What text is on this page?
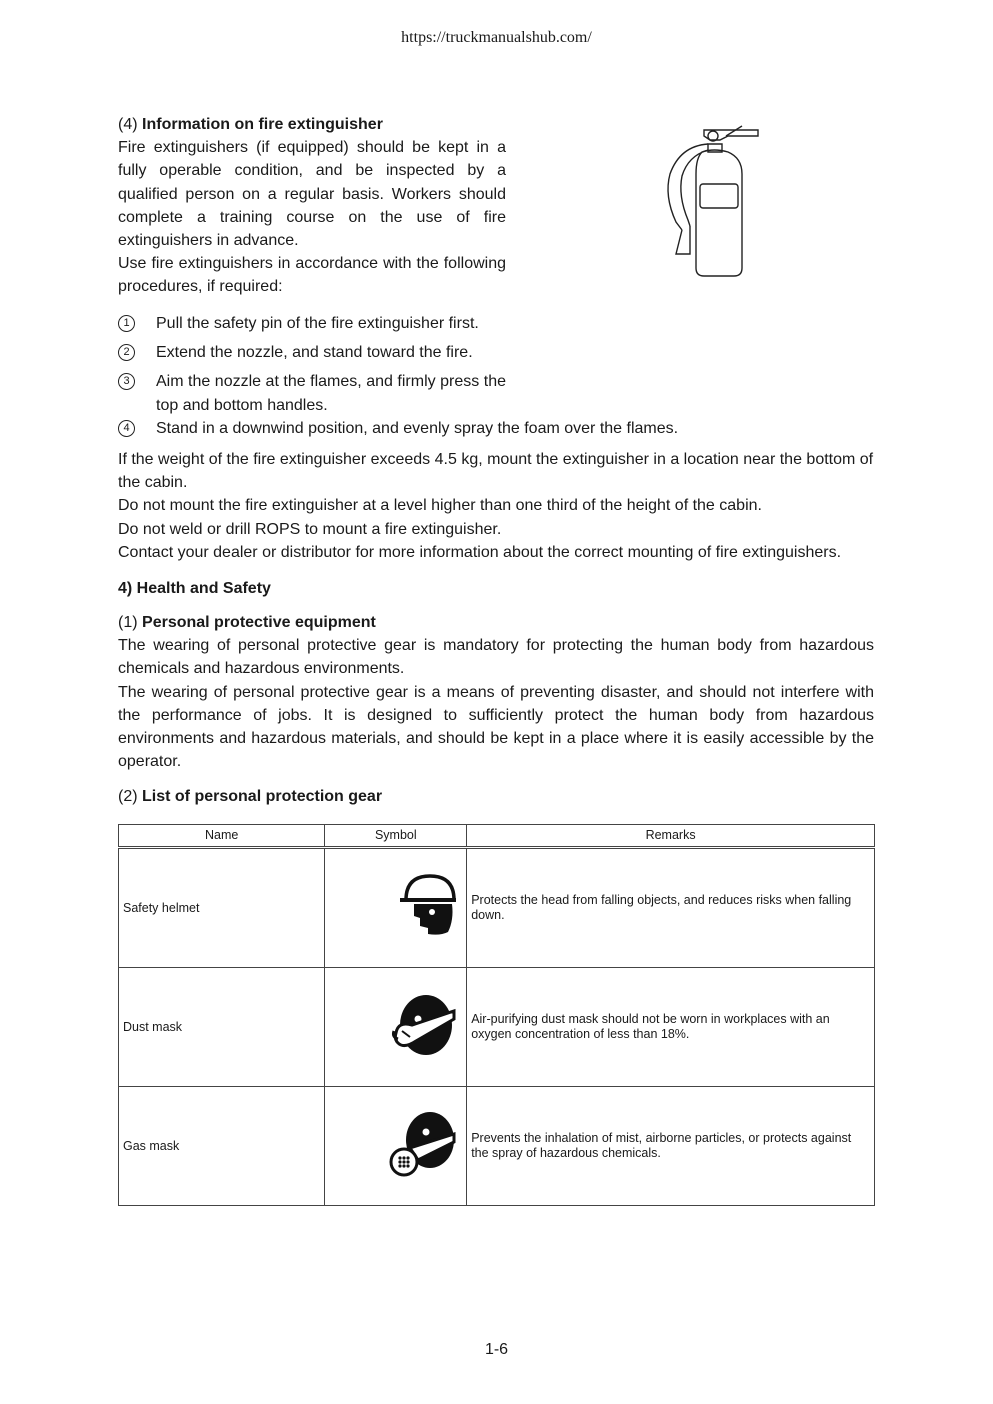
https://truckmanualshub.com/

(4) Information on fire extinguisher

Fire extinguishers (if equipped) should be kept in a fully operable condition, and be inspected by a qualified person on a regular basis. Workers should complete a training course on the use of fire extinguishers in advance.

Use fire extinguishers in accordance with the following procedures, if required:

1	Pull the safety pin of the fire extinguisher first.
2	Extend the nozzle, and stand toward the fire.
3	Aim the nozzle at the flames, and firmly press the top and bottom handles.
4	Stand in a downwind position, and evenly spray the foam over the flames.

If the weight of the fire extinguisher exceeds 4.5 kg, mount the extinguisher in a location near the bottom of the cabin.

Do not mount the fire extinguisher at a level higher than one third of the height of the cabin.

Do not weld or drill ROPS to mount a fire extinguisher.

Contact your dealer or distributor for more information about the correct mounting of fire extinguishers.

4) Health and Safety

(1) Personal protective equipment

The wearing of personal protective gear is mandatory for protecting the human body from hazardous chemicals and hazardous environments.

The wearing of personal protective gear is a means of preventing disaster, and should not interfere with the performance of jobs. It is designed to sufficiently protect the human body from hazardous environments and hazardous materials, and should be kept in a place where it is easily accessible by the operator.

(2) List of personal protection gear
Name	Symbol	Remarks
Safety helmet		Protects the head from falling objects, and reduces risks when falling down.
Dust mask		Air-purifying dust mask should not be worn in workplaces with an oxygen concentration of less than 18%.
Gas mask		Prevents the inhalation of mist, airborne particles, or protects against the spray of hazardous chemicals.
1-6
